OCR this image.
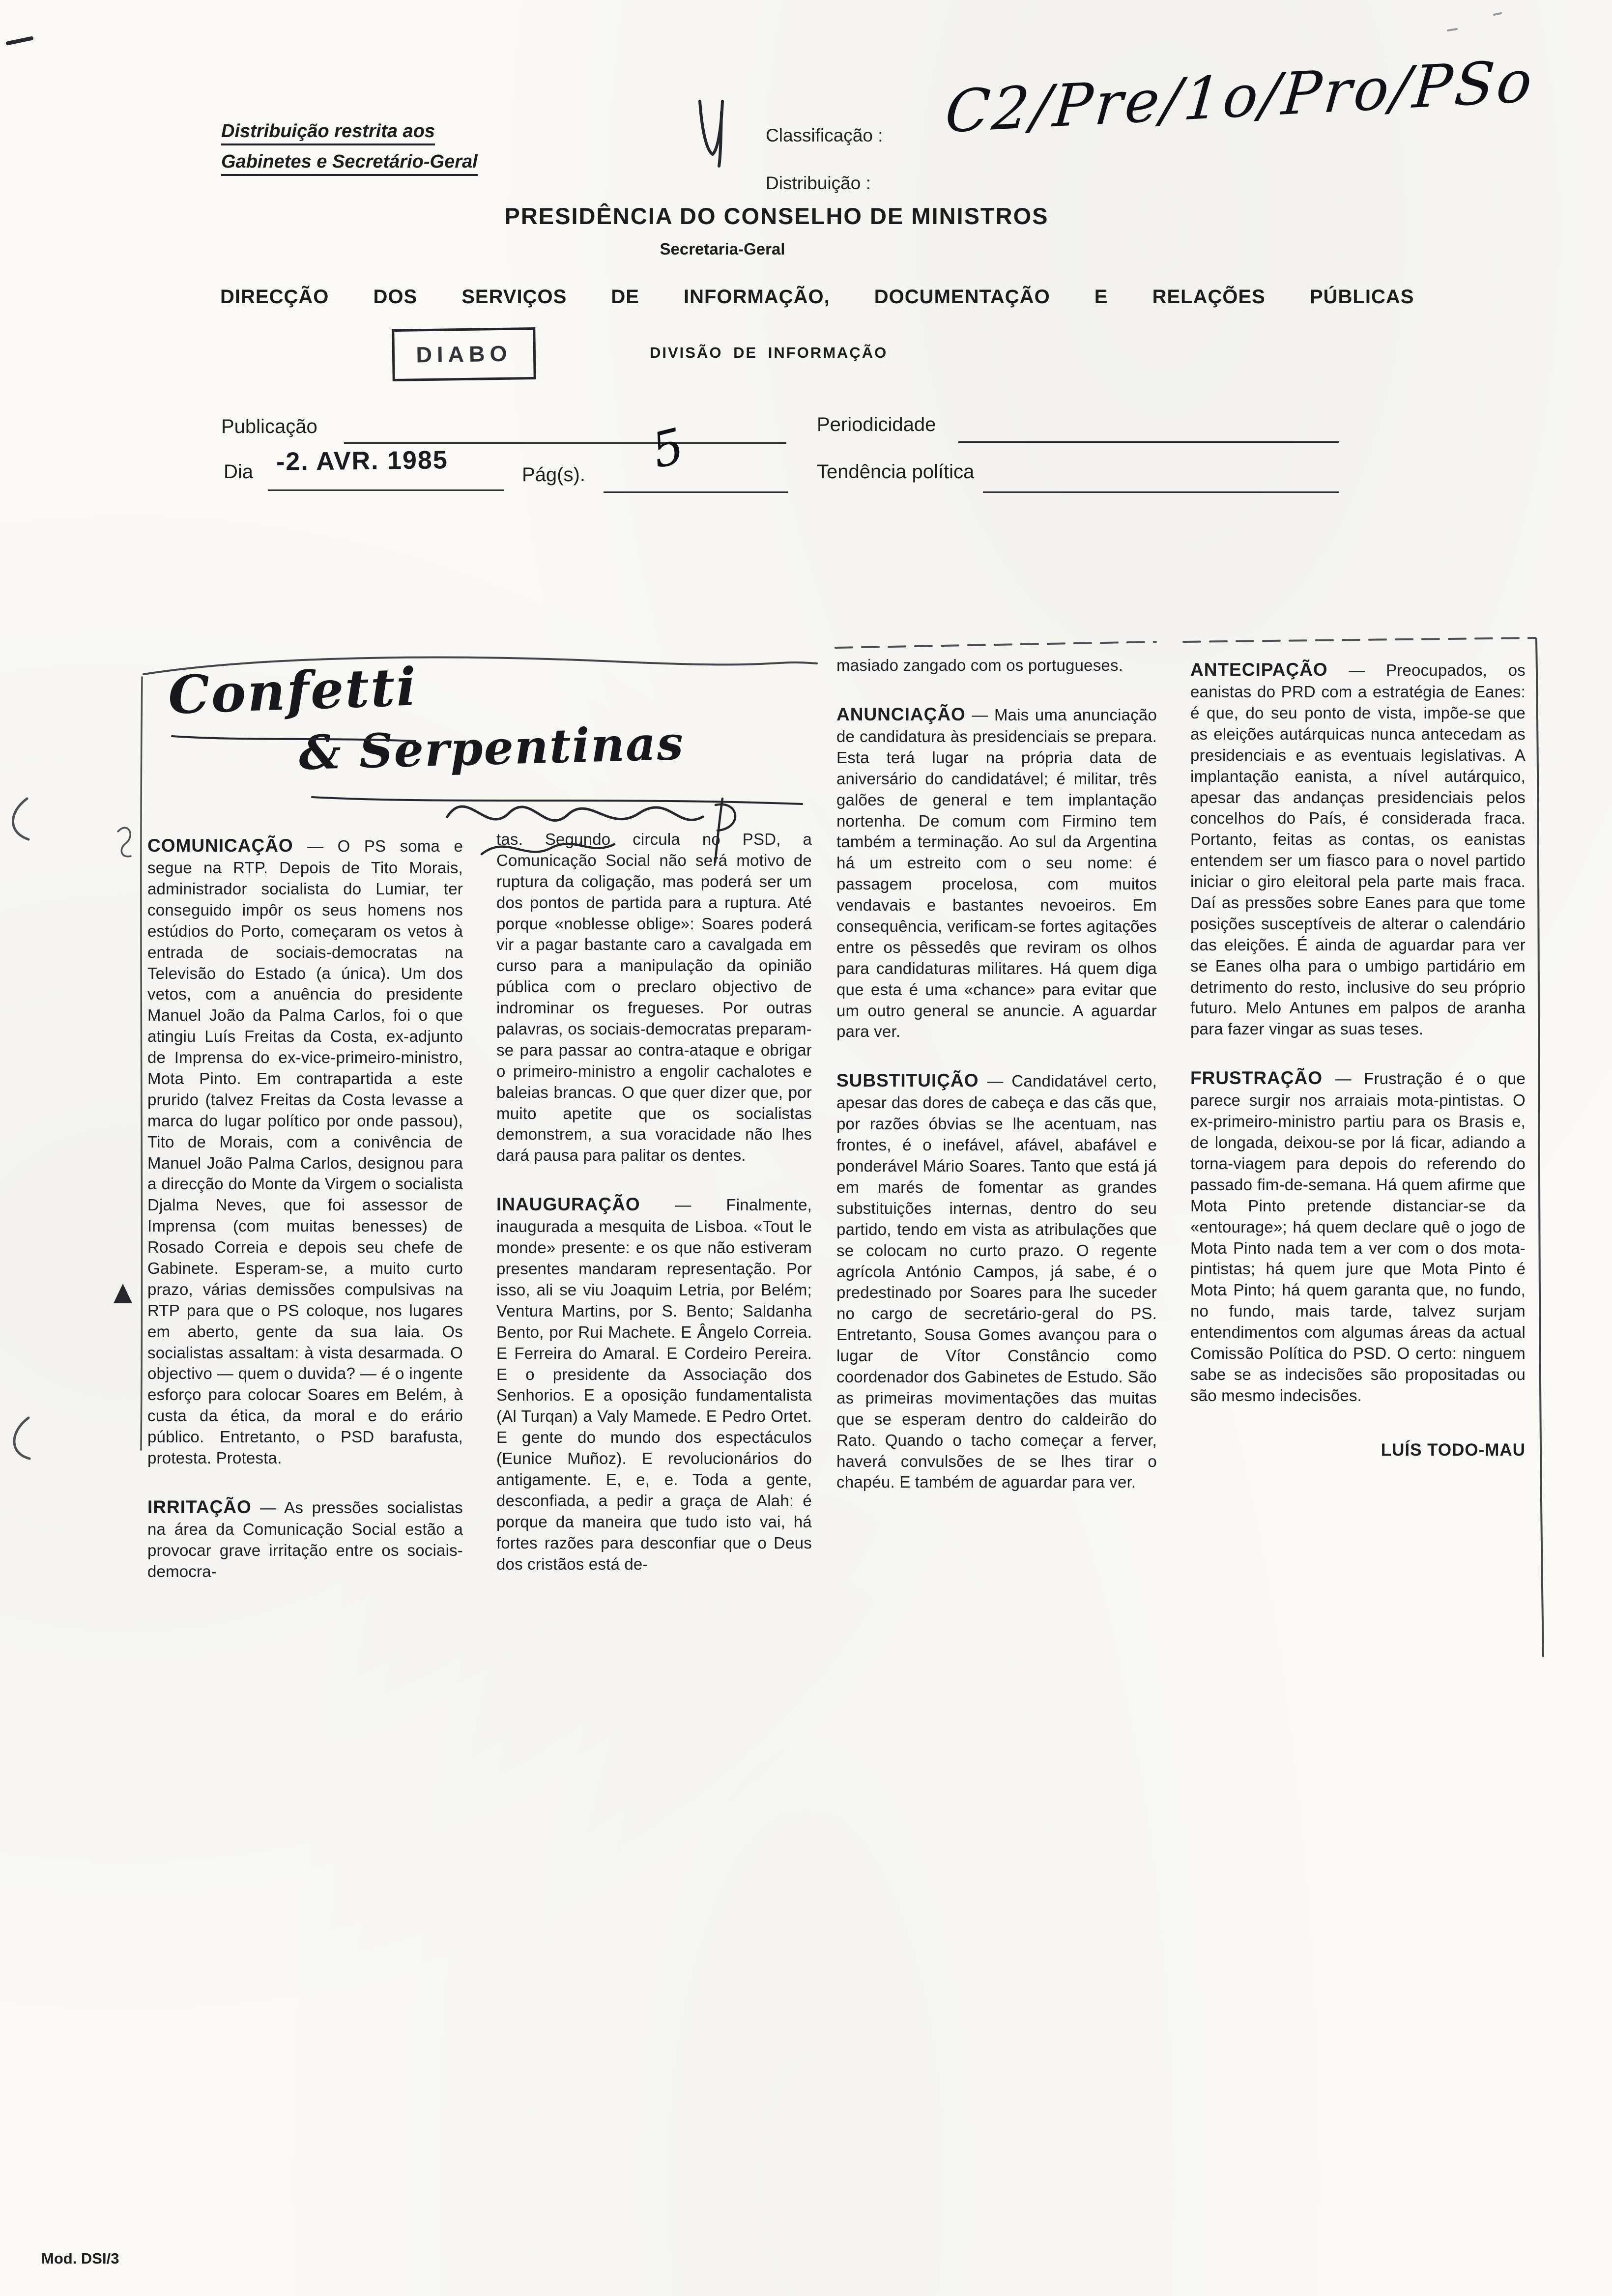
Distribuição restrita aos
Gabinetes e Secretário-Geral
Classificação : C2/Pre/1o/Pro/PSo
Distribuição :
PRESIDÊNCIA DO CONSELHO DE MINISTROS
Secretaria-Geral
DIRECÇÃO DOS SERVIÇOS DE INFORMAÇÃO, DOCUMENTAÇÃO E RELAÇÕES PÚBLICAS
DIABO	DIVISÃO DE INFORMAÇÃO
Publicação	Periodicidade
Dia -2. AVR. 1985	Pág(s). 5	Tendência política
Confetti
& Serpentinas

COMUNICAÇÃO — O PS soma e segue na RTP. Depois de Tito Morais, administrador socialista do Lumiar, ter conseguido impôr os seus homens nos estúdios do Porto, começaram os vetos à entrada de sociais-democratas na Televisão do Estado (a única). Um dos vetos, com a anuência do presidente Manuel João da Palma Carlos, foi o que atingiu Luís Freitas da Costa, ex-adjunto de Imprensa do ex-vice-primeiro-ministro, Mota Pinto. Em contrapartida a este prurido (talvez Freitas da Costa levasse a marca do lugar político por onde passou), Tito de Morais, com a conivência de Manuel João Palma Carlos, designou para a direcção do Monte da Virgem o socialista Djalma Neves, que foi assessor de Imprensa (com muitas benesses) de Rosado Correia e depois seu chefe de Gabinete. Esperam-se, a muito curto prazo, várias demissões compulsivas na RTP para que o PS coloque, nos lugares em aberto, gente da sua laia. Os socialistas assaltam: à vista desarmada. O objectivo — quem o duvida? — é o ingente esforço para colocar Soares em Belém, à custa da ética, da moral e do erário público. Entretanto, o PSD barafusta, protesta. Protesta.

IRRITAÇÃO — As pressões socialistas na área da Comunicação Social estão a provocar grave irritação entre os sociais-democra-

tas. Segundo circula no PSD, a Comunicação Social não será motivo de ruptura da coligação, mas poderá ser um dos pontos de partida para a ruptura. Até porque «noblesse oblige»: Soares poderá vir a pagar bastante caro a cavalgada em curso para a manipulação da opinião pública com o preclaro objectivo de indrominar os fregueses. Por outras palavras, os sociais-democratas preparam-se para passar ao contra-ataque e obrigar o primeiro-ministro a engolir cachalotes e baleias brancas. O que quer dizer que, por muito apetite que os socialistas demonstrem, a sua voracidade não lhes dará pausa para palitar os dentes.

INAUGURAÇÃO — Finalmente, inaugurada a mesquita de Lisboa. «Tout le monde» presente: e os que não estiveram presentes mandaram representação. Por isso, ali se viu Joaquim Letria, por Belém; Ventura Martins, por S. Bento; Saldanha Bento, por Rui Machete. E Ângelo Correia. E Ferreira do Amaral. E Cordeiro Pereira. E o presidente da Associação dos Senhorios. E a oposição fundamentalista (Al Turqan) a Valy Mamede. E Pedro Ortet. E gente do mundo dos espectáculos (Eunice Muñoz). E revolucionários do antigamente. E, e, e. Toda a gente, desconfiada, a pedir a graça de Alah: é porque da maneira que tudo isto vai, há fortes razões para desconfiar que o Deus dos cristãos está de-

masiado zangado com os portugueses.

ANUNCIAÇÃO — Mais uma anunciação de candidatura às presidenciais se prepara. Esta terá lugar na própria data de aniversário do candidatável; é militar, três galões de general e tem implantação nortenha. De comum com Firmino tem também a terminação. Ao sul da Argentina há um estreito com o seu nome: é passagem procelosa, com muitos vendavais e bastantes nevoeiros. Em consequência, verificam-se fortes agitações entre os pêssedês que reviram os olhos para candidaturas militares. Há quem diga que esta é uma «chance» para evitar que um outro general se anuncie. A aguardar para ver.

SUBSTITUIÇÃO — Candidatável certo, apesar das dores de cabeça e das cãs que, por razões óbvias se lhe acentuam, nas frontes, é o inefável, afável, abafável e ponderável Mário Soares. Tanto que está já em marés de fomentar as grandes substituições internas, dentro do seu partido, tendo em vista as atribulações que se colocam no curto prazo. O regente agrícola António Campos, já sabe, é o predestinado por Soares para lhe suceder no cargo de secretário-geral do PS. Entretanto, Sousa Gomes avançou para o lugar de Vítor Constâncio como coordenador dos Gabinetes de Estudo. São as primeiras movimentações das muitas que se esperam dentro do caldeirão do Rato. Quando o tacho começar a ferver, haverá convulsões de se lhes tirar o chapéu. E também de aguardar para ver.

ANTECIPAÇÃO — Preocupados, os eanistas do PRD com a estratégia de Eanes: é que, do seu ponto de vista, impõe-se que as eleições autárquicas nunca antecedam as presidenciais e as eventuais legislativas. A implantação eanista, a nível autárquico, apesar das andanças presidenciais pelos concelhos do País, é considerada fraca. Portanto, feitas as contas, os eanistas entendem ser um fiasco para o novel partido iniciar o giro eleitoral pela parte mais fraca. Daí as pressões sobre Eanes para que tome posições susceptíveis de alterar o calendário das eleições. É ainda de aguardar para ver se Eanes olha para o umbigo partidário em detrimento do resto, inclusive do seu próprio futuro. Melo Antunes em palpos de aranha para fazer vingar as suas teses.

FRUSTRAÇÃO — Frustração é o que parece surgir nos arraiais mota-pintistas. O ex-primeiro-ministro partiu para os Brasis e, de longada, deixou-se por lá ficar, adiando a torna-viagem para depois do referendo do passado fim-de-semana. Há quem afirme que Mota Pinto pretende distanciar-se da «entourage»; há quem declare quê o jogo de Mota Pinto nada tem a ver com o dos mota-pintistas; há quem jure que Mota Pinto é Mota Pinto; há quem garanta que, no fundo, no fundo, mais tarde, talvez surjam entendimentos com algumas áreas da actual Comissão Política do PSD. O certo: ninguem sabe se as indecisões são propositadas ou são mesmo indecisões.

LUÍS TODO-MAU
Mod. DSI/3
